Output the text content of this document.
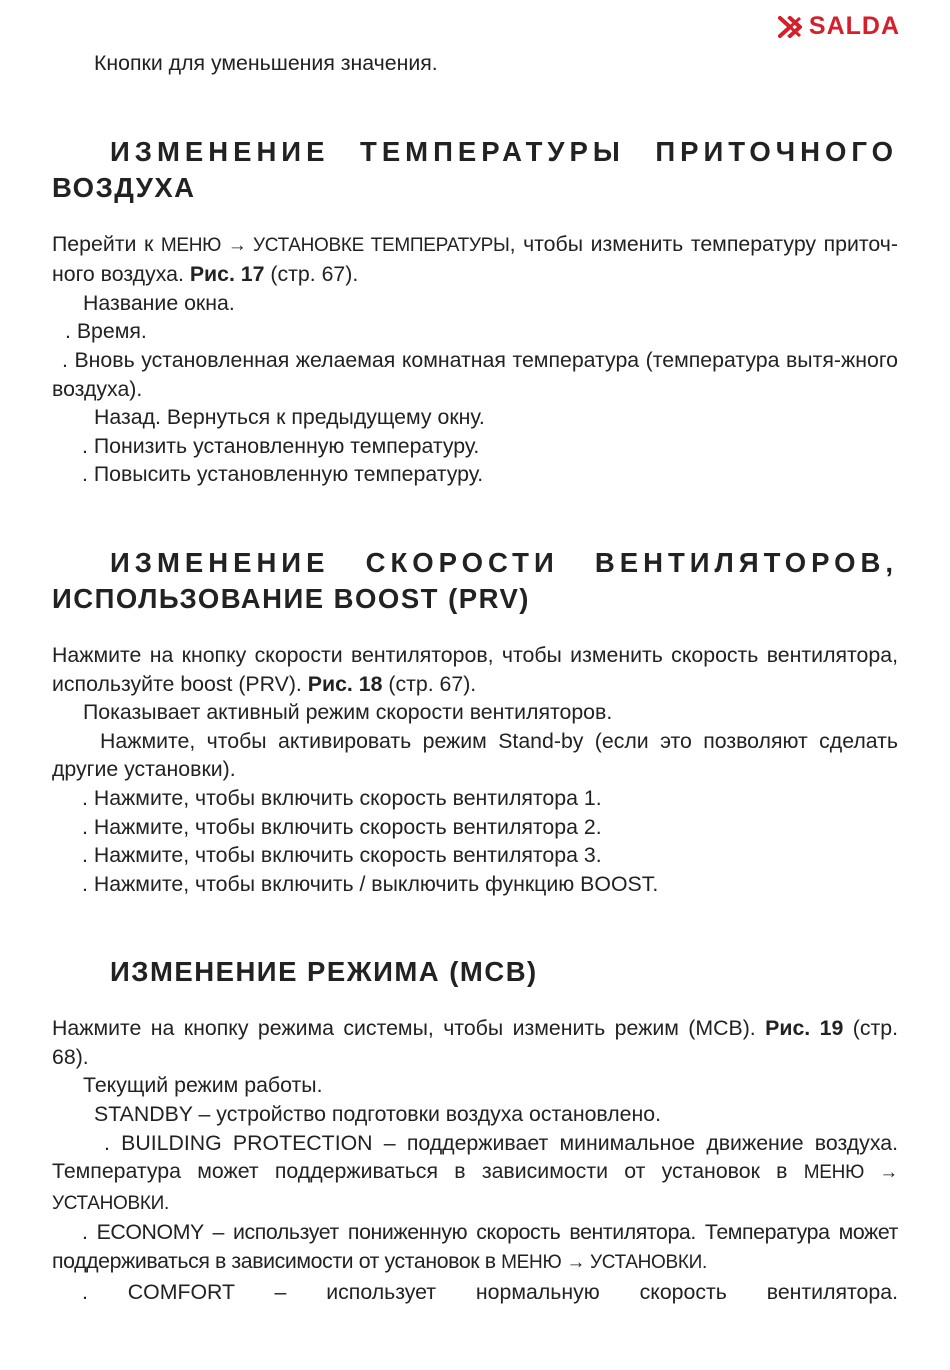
SALDA

Кнопки для уменьшения значения.

ИЗМЕНЕНИЕ ТЕМПЕРАТУРЫ ПРИТОЧНОГО
ВОЗДУХА

Перейти к МЕНЮ → УСТАНОВКЕ ТЕМПЕРАТУРЫ, чтобы изменить температуру приточ-ного воздуха. Рис. 17 (стр. 67).

Название окна.

. Время.

. Вновь установленная желаемая комнатная температура (температура вытя-жного воздуха).

Назад. Вернуться к предыдущему окну.

. Понизить установленную температуру.

. Повысить установленную температуру.

ИЗМЕНЕНИЕ СКОРОСТИ ВЕНТИЛЯТОРОВ,
ИСПОЛЬЗОВАНИЕ BOOST (PRV)

Нажмите на кнопку скорости вентиляторов, чтобы изменить скорость вентилятора, используйте boost (PRV). Рис. 18 (стр. 67).

Показывает активный режим скорости вентиляторов.

Нажмите, чтобы активировать режим Stand-by (если это позволяют сделать другие установки).

. Нажмите, чтобы включить скорость вентилятора 1.

. Нажмите, чтобы включить скорость вентилятора 2.

. Нажмите, чтобы включить скорость вентилятора 3.

. Нажмите, чтобы включить / выключить функцию BOOST.

ИЗМЕНЕНИЕ РЕЖИМА (MCB)

Нажмите на кнопку режима системы, чтобы изменить режим (MCB). Рис. 19 (стр. 68).

Текущий режим работы.

STANDBY – устройство подготовки воздуха остановлено.

. BUILDING PROTECTION – поддерживает минимальное движение воздуха. Температура может поддерживаться в зависимости от установок в МЕНЮ → УСТАНОВКИ.

. ECONOMY – использует пониженную скорость вентилятора. Температура может поддерживаться в зависимости от установок в МЕНЮ → УСТАНОВКИ.

. COMFORT – использует нормальную скорость вентилятора.
